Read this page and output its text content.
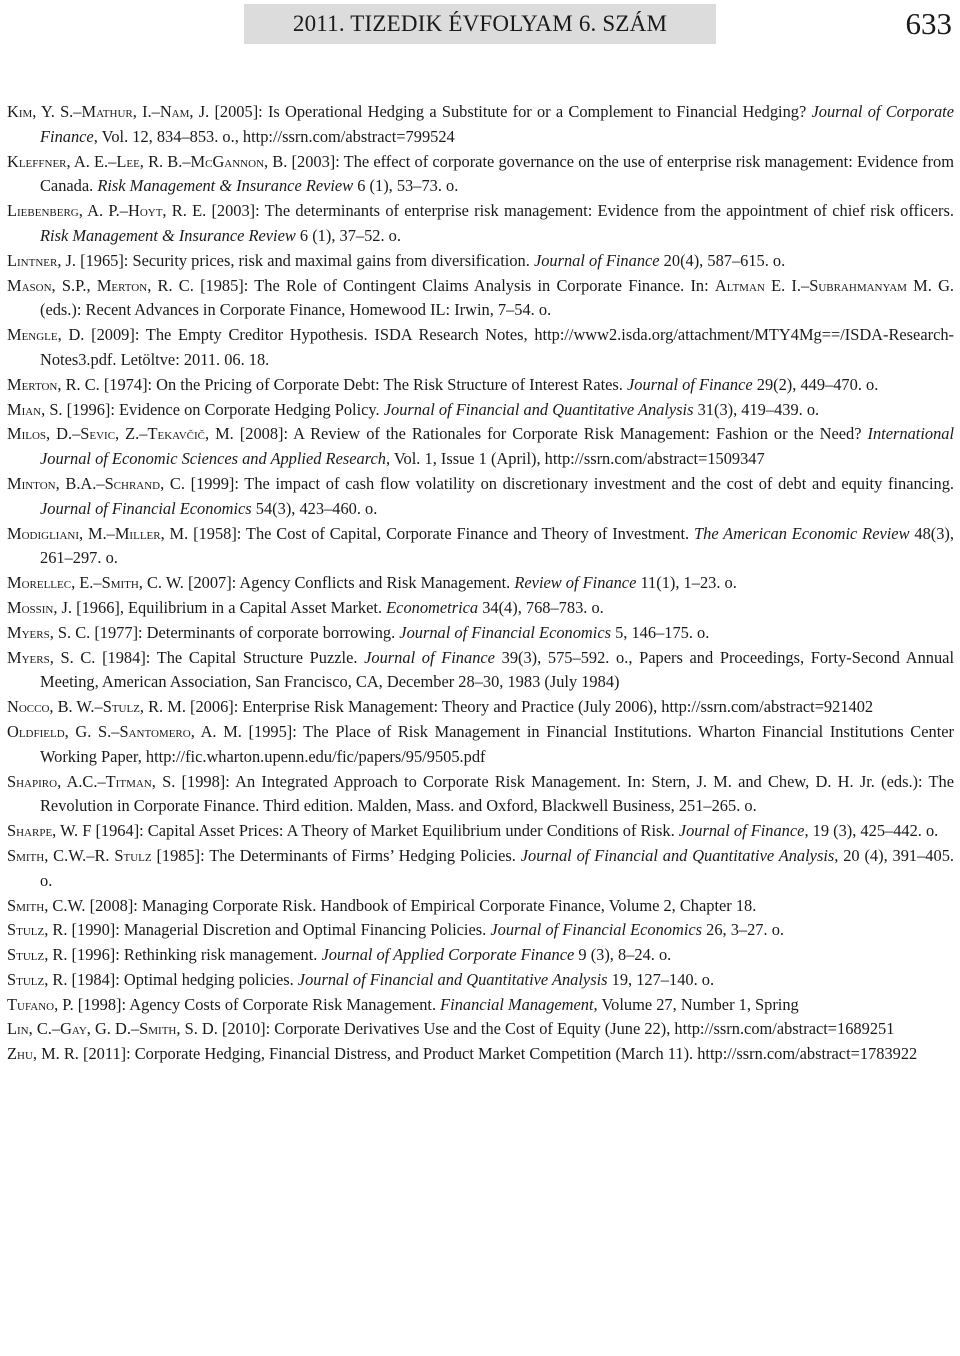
2011. TIZEDIK ÉVFOLYAM 6. SZÁM	633
Kim, Y. S.–Mathur, I.–Nam, J. [2005]: Is Operational Hedging a Substitute for or a Complement to Financial Hedging? Journal of Corporate Finance, Vol. 12, 834–853. o., http://ssrn.com/abstract=799524
Kleffner, A. E.–Lee, R. B.–McGannon, B. [2003]: The effect of corporate governance on the use of enterprise risk management: Evidence from Canada. Risk Management & Insurance Review 6 (1), 53–73. o.
Liebenberg, A. P.–Hoyt, R. E. [2003]: The determinants of enterprise risk management: Evidence from the appointment of chief risk officers. Risk Management & Insurance Review 6 (1), 37–52. o.
Lintner, J. [1965]: Security prices, risk and maximal gains from diversification. Journal of Finance 20(4), 587–615. o.
Mason, S.P., Merton, R. C. [1985]: The Role of Contingent Claims Analysis in Corporate Finance. In: Altman E. I.–Subrahmanyam M. G. (eds.): Recent Advances in Corporate Finance, Homewood IL: Irwin, 7–54. o.
Mengle, D. [2009]: The Empty Creditor Hypothesis. ISDA Research Notes, http://www2.isda.org/attachment/MTY4Mg==/ISDA-Research-Notes3.pdf. Letöltve: 2011. 06. 18.
Merton, R. C. [1974]: On the Pricing of Corporate Debt: The Risk Structure of Interest Rates. Journal of Finance 29(2), 449–470. o.
Mian, S. [1996]: Evidence on Corporate Hedging Policy. Journal of Financial and Quantitative Analysis 31(3), 419–439. o.
Milos, D.–Sevic, Z.–Tekavčič, M. [2008]: A Review of the Rationales for Corporate Risk Management: Fashion or the Need? International Journal of Economic Sciences and Applied Research, Vol. 1, Issue 1 (April), http://ssrn.com/abstract=1509347
Minton, B.A.–Schrand, C. [1999]: The impact of cash flow volatility on discretionary investment and the cost of debt and equity financing. Journal of Financial Economics 54(3), 423–460. o.
Modigliani, M.–Miller, M. [1958]: The Cost of Capital, Corporate Finance and Theory of Investment. The American Economic Review 48(3), 261–297. o.
Morellec, E.–Smith, C. W. [2007]: Agency Conflicts and Risk Management. Review of Finance 11(1), 1–23. o.
Mossin, J. [1966], Equilibrium in a Capital Asset Market. Econometrica 34(4), 768–783. o.
Myers, S. C. [1977]: Determinants of corporate borrowing. Journal of Financial Economics 5, 146–175. o.
Myers, S. C. [1984]: The Capital Structure Puzzle. Journal of Finance 39(3), 575–592. o., Papers and Proceedings, Forty-Second Annual Meeting, American Association, San Francisco, CA, December 28–30, 1983 (July 1984)
Nocco, B. W.–Stulz, R. M. [2006]: Enterprise Risk Management: Theory and Practice (July 2006), http://ssrn.com/abstract=921402
Oldfield, G. S.–Santomero, A. M. [1995]: The Place of Risk Management in Financial Institutions. Wharton Financial Institutions Center Working Paper, http://fic.wharton.upenn.edu/fic/papers/95/9505.pdf
Shapiro, A.C.–Titman, S. [1998]: An Integrated Approach to Corporate Risk Management. In: Stern, J. M. and Chew, D. H. Jr. (eds.): The Revolution in Corporate Finance. Third edition. Malden, Mass. and Oxford, Blackwell Business, 251–265. o.
Sharpe, W. F [1964]: Capital Asset Prices: A Theory of Market Equilibrium under Conditions of Risk. Journal of Finance, 19 (3), 425–442. o.
Smith, C.W.–R. Stulz [1985]: The Determinants of Firms’ Hedging Policies. Journal of Financial and Quantitative Analysis, 20 (4), 391–405. o.
Smith, C.W. [2008]: Managing Corporate Risk. Handbook of Empirical Corporate Finance, Volume 2, Chapter 18.
Stulz, R. [1990]: Managerial Discretion and Optimal Financing Policies. Journal of Financial Economics 26, 3–27. o.
Stulz, R. [1996]: Rethinking risk management. Journal of Applied Corporate Finance 9 (3), 8–24. o.
Stulz, R. [1984]: Optimal hedging policies. Journal of Financial and Quantitative Analysis 19, 127–140. o.
Tufano, P. [1998]: Agency Costs of Corporate Risk Management. Financial Management, Volume 27, Number 1, Spring
Lin, C.–Gay, G. D.–Smith, S. D. [2010]: Corporate Derivatives Use and the Cost of Equity (June 22), http://ssrn.com/abstract=1689251
Zhu, M. R. [2011]: Corporate Hedging, Financial Distress, and Product Market Competition (March 11). http://ssrn.com/abstract=1783922
